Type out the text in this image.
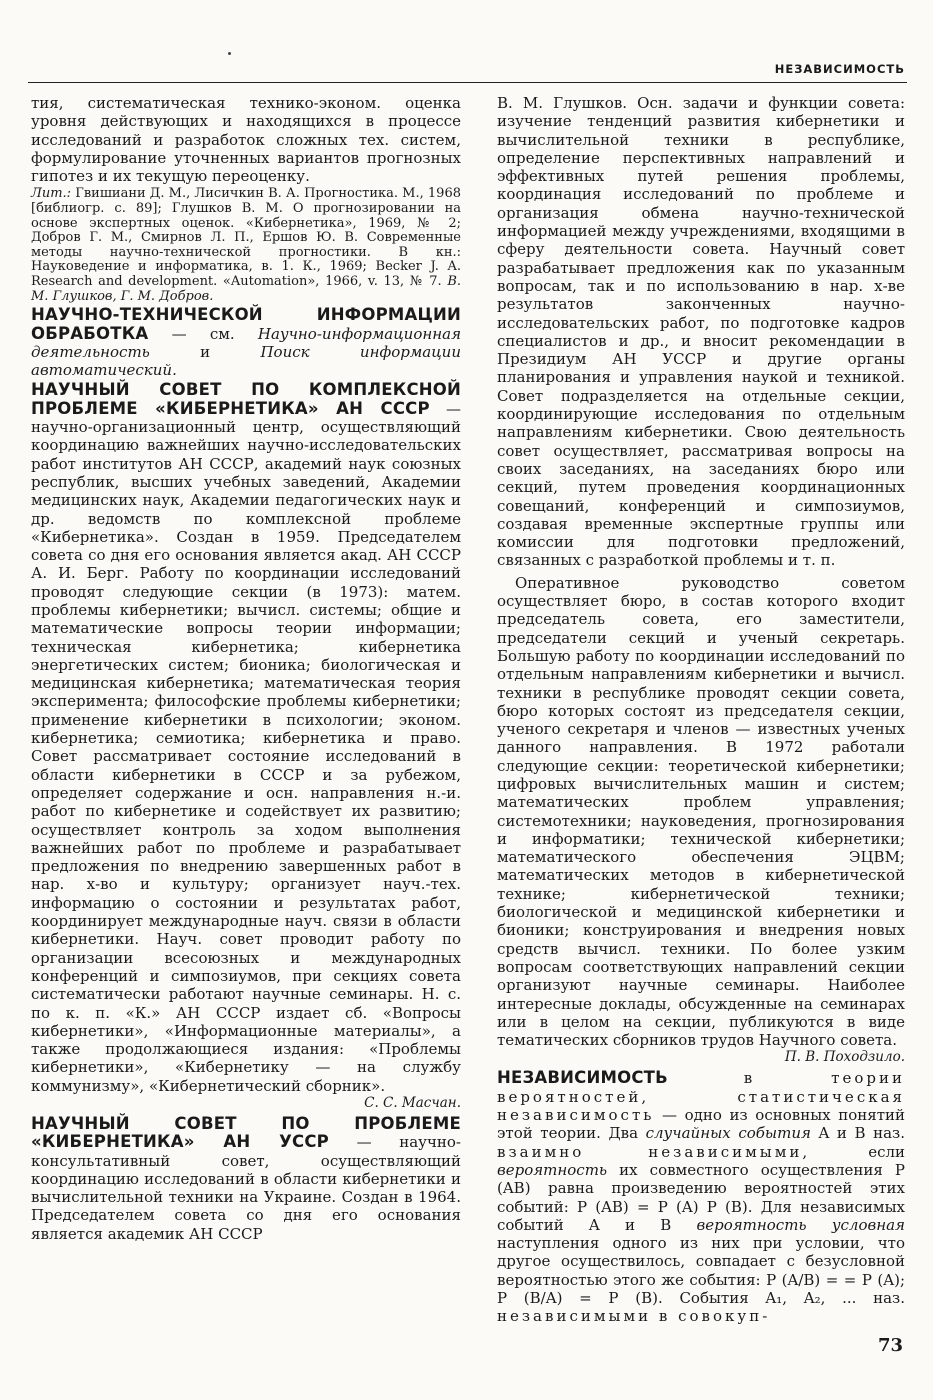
НЕЗАВИСИМОСТЬ

тия, систематическая технико-эконом. оценка уровня действующих и находящихся в процессе исследований и разработок сложных тех. систем, формулирование уточненных вариантов прогнозных гипотез и их текущую переоценку.

Лит.: Гвишиани Д. М., Лисичкин В. А. Прогностика. М., 1968 [библиогр. с. 89]; Глушков В. М. О прогнозировании на основе экспертных оценок. «Кибернетика», 1969, № 2; Добров Г. М., Смирнов Л. П., Ершов Ю. В. Современные методы научно-технической прогностики. В кн.: Науковедение и информатика, в. 1. К., 1969; Becker J. A. Research and development. «Automation», 1966, v. 13, № 7. В. М. Глушков, Г. М. Добров.

НАУЧНО-ТЕХНИЧЕСКОЙ ИНФОРМАЦИИ ОБРАБОТКА — см. Научно-информационная деятельность и Поиск информации автоматический.

НАУЧНЫЙ СОВЕТ ПО КОМПЛЕКСНОЙ ПРОБЛЕМЕ «КИБЕРНЕТИКА» АН СССР — научно-организационный центр, осуществляющий координацию важнейших научно-исследовательских работ институтов АН СССР, академий наук союзных республик, высших учебных заведений, Академии медицинских наук, Академии педагогических наук и др. ведомств по комплексной проблеме «Кибернетика». Создан в 1959. Председателем совета со дня его основания является акад. АН СССР А. И. Берг. Работу по координации исследований проводят следующие секции (в 1973): матем. проблемы кибернетики; вычисл. системы; общие и математические вопросы теории информации; техническая кибернетика; кибернетика энергетических систем; бионика; биологическая и медицинская кибернетика; математическая теория эксперимента; философские проблемы кибернетики; применение кибернетики в психологии; эконом. кибернетика; семиотика; кибернетика и право. Совет рассматривает состояние исследований в области кибернетики в СССР и за рубежом, определяет содержание и осн. направления н.-и. работ по кибернетике и содействует их развитию; осуществляет контроль за ходом выполнения важнейших работ по проблеме и разрабатывает предложения по внедрению завершенных работ в нар. х-во и культуру; организует науч.-тех. информацию о состоянии и результатах работ, координирует международные науч. связи в области кибернетики. Науч. совет проводит работу по организации всесоюзных и международных конференций и симпозиумов, при секциях совета систематически работают научные семинары. Н. с. по к. п. «К.» АН СССР издает сб. «Вопросы кибернетики», «Информационные материалы», а также продолжающиеся издания: «Проблемы кибернетики», «Кибернетику — на службу коммунизму», «Кибернетический сборник».

С. С. Масчан.

НАУЧНЫЙ СОВЕТ ПО ПРОБЛЕМЕ «КИБЕРНЕТИКА» АН УССР — научно-консультативный совет, осуществляющий координацию исследований в области кибернетики и вычислительной техники на Украине. Создан в 1964. Председателем совета со дня его основания является академик АН СССР

В. М. Глушков. Осн. задачи и функции совета: изучение тенденций развития кибернетики и вычислительной техники в республике, определение перспективных направлений и эффективных путей решения проблемы, координация исследований по проблеме и организация обмена научно-технической информацией между учреждениями, входящими в сферу деятельности совета. Научный совет разрабатывает предложения как по указанным вопросам, так и по использованию в нар. х-ве результатов законченных научно-исследовательских работ, по подготовке кадров специалистов и др., и вносит рекомендации в Президиум АН УССР и другие органы планирования и управления наукой и техникой. Совет подразделяется на отдельные секции, координирующие исследования по отдельным направлениям кибернетики. Свою деятельность совет осуществляет, рассматривая вопросы на своих заседаниях, на заседаниях бюро или секций, путем проведения координационных совещаний, конференций и симпозиумов, создавая временные экспертные группы или комиссии для подготовки предложений, связанных с разработкой проблемы и т. п.

Оперативное руководство советом осуществляет бюро, в состав которого входит председатель совета, его заместители, председатели секций и ученый секретарь. Большую работу по координации исследований по отдельным направлениям кибернетики и вычисл. техники в республике проводят секции совета, бюро которых состоят из председателя секции, ученого секретаря и членов — известных ученых данного направления. В 1972 работали следующие секции: теоретической кибернетики; цифровых вычислительных машин и систем; математических проблем управления; системотехники; науковедения, прогнозирования и информатики; технической кибернетики; математического обеспечения ЭЦВМ; математических методов в кибернетической технике; кибернетической техники; биологической и медицинской кибернетики и бионики; конструирования и внедрения новых средств вычисл. техники. По более узким вопросам соответствующих направлений секции организуют научные семинары. Наиболее интересные доклады, обсужденные на семинарах или в целом на секции, публикуются в виде тематических сборников трудов Научного совета.

П. В. Походзило.

НЕЗАВИСИМОСТЬ в теории вероятностей, статистическая независимость — одно из основных понятий этой теории. Два случайных события A и B наз. взаимно независимыми, если вероятность их совместного осуществления P (AB) равна произведению вероятностей этих событий: P (AB) = P (A) P (B). Для независимых событий A и B вероятность условная наступления одного из них при условии, что другое осуществилось, совпадает с безусловной вероятностью этого же события: P (A/B) = = P (A); P (B/A) = P (B). События A₁, A₂, ... наз. независимыми в совокуп-

73
